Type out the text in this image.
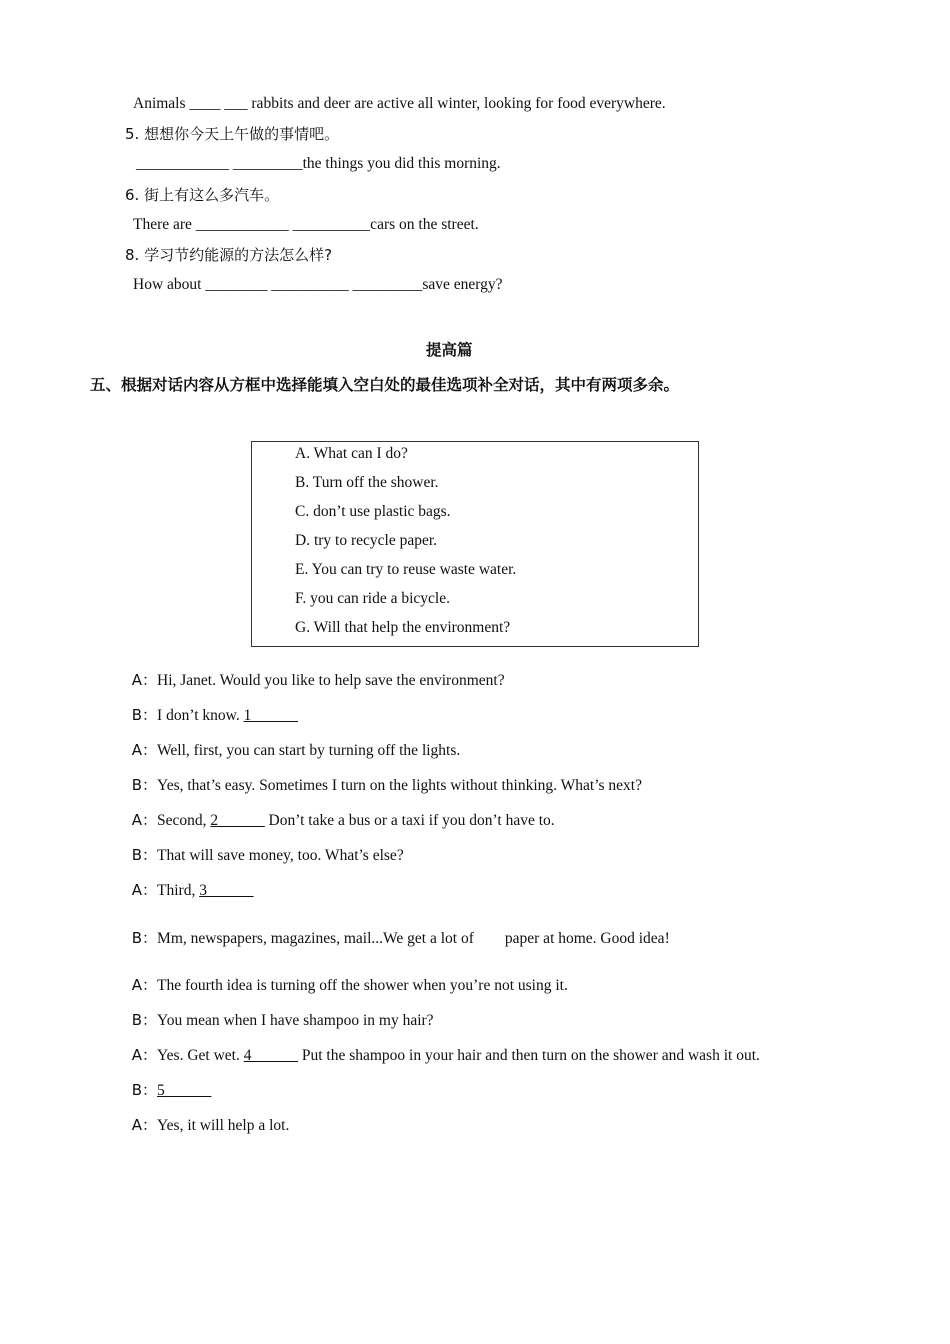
Animals ____ ___ rabbits and deer are active all winter, looking for food everywhere.
5. 想想你今天上午做的事情吧。
____________ _________the things you did this morning.
6. 街上有这么多汽车。
There are ____________ __________cars on the street.
8. 学习节约能源的方法怎么样?
How about ________ __________ _________save energy?
提高篇
五、根据对话内容从方框中选择能填入空白处的最佳选项补全对话，其中有两项多余。
A. What can I do?
B. Turn off the shower.
C. don’t use plastic bags.
D. try to recycle paper.
E. You can try to reuse waste water.
F. you can ride a bicycle.
G. Will that help the environment?

A：Hi, Janet. Would you like to help save the environment?

B：I don’t know. 1______

A：Well, first, you can start by turning off the lights.

B：Yes, that’s easy. Sometimes I turn on the lights without thinking. What’s next?

A：Second, 2______ Don’t take a bus or a taxi if you don’t have to.

B：That will save money, too. What’s else?

A：Third, 3______

B：Mm, newspapers, magazines, mail...We get a lot of        paper at home. Good idea!

A：The fourth idea is turning off the shower when you’re not using it.

B：You mean when I have shampoo in my hair?

A：Yes. Get wet. 4______ Put the shampoo in your hair and then turn on the shower and wash it out.

B：5______

A：Yes, it will help a lot.
